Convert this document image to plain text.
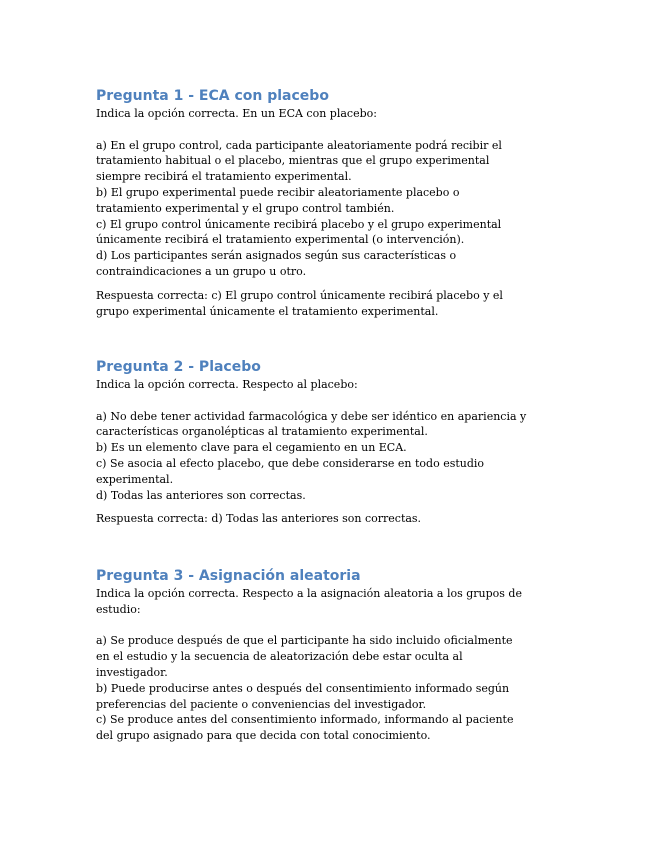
Pregunta 1 - ECA con placebo

Indica la opción correcta. En un ECA con placebo:

a) En el grupo control, cada participante aleatoriamente podrá recibir el

tratamiento habitual o el placebo, mientras que el grupo experimental

siempre recibirá el tratamiento experimental.

b) El grupo experimental puede recibir aleatoriamente placebo o

tratamiento experimental y el grupo control también.

c) El grupo control únicamente recibirá placebo y el grupo experimental

únicamente recibirá el tratamiento experimental (o intervención).

d) Los participantes serán asignados según sus características o

contraindicaciones a un grupo u otro.

Respuesta correcta: c) El grupo control únicamente recibirá placebo y el

grupo experimental únicamente el tratamiento experimental.

Pregunta 2 - Placebo

Indica la opción correcta. Respecto al placebo:

a) No debe tener actividad farmacológica y debe ser idéntico en apariencia y

características organolépticas al tratamiento experimental.

b) Es un elemento clave para el cegamiento en un ECA.

c) Se asocia al efecto placebo, que debe considerarse en todo estudio

experimental.

d) Todas las anteriores son correctas.

Respuesta correcta: d) Todas las anteriores son correctas.

Pregunta 3 - Asignación aleatoria

Indica la opción correcta. Respecto a la asignación aleatoria a los grupos de

estudio:

a) Se produce después de que el participante ha sido incluido oficialmente

en el estudio y la secuencia de aleatorización debe estar oculta al

investigador.

b) Puede producirse antes o después del consentimiento informado según

preferencias del paciente o conveniencias del investigador.

c) Se produce antes del consentimiento informado, informando al paciente

del grupo asignado para que decida con total conocimiento.
